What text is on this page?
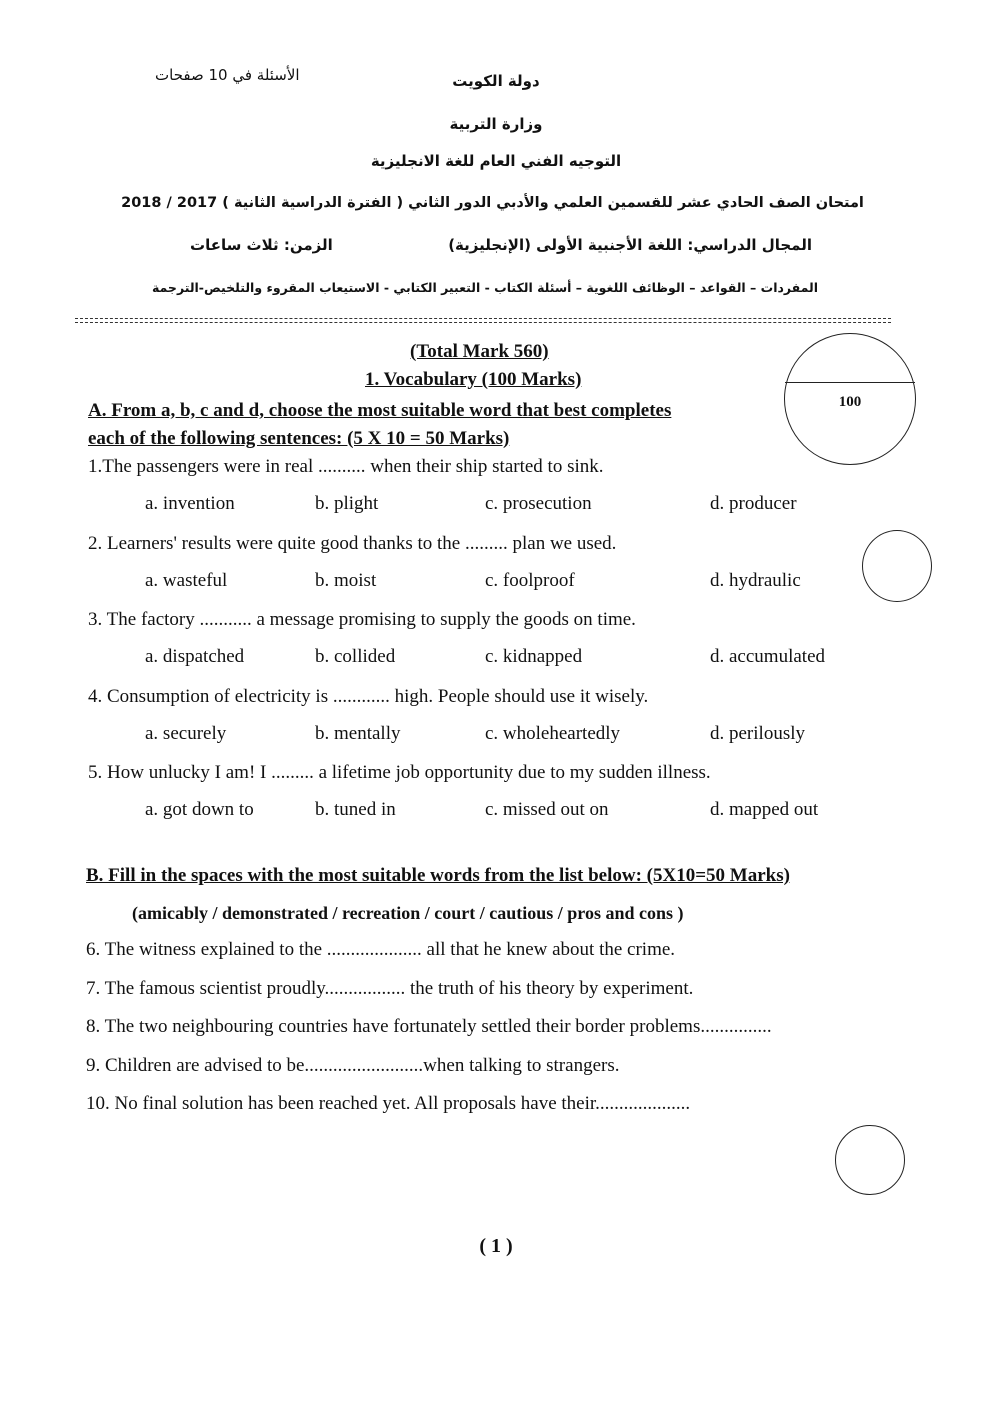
الأسئلة في 10 صفحات	دولة الكويت
وزارة التربية
التوجيه الفني العام للغة الانجليزية
امتحان الصف الحادي عشر للقسمين العلمي والأدبي الدور الثاني ( الفترة الدراسية الثانية ) 2017 / 2018
المجال الدراسي: اللغة الأجنبية الأولى (الإنجليزية)
الزمن: ثلاث ساعات
المفردات – القواعد – الوظائف اللغوية – أسئلة الكتاب - التعبير الكتابي - الاستيعاب المقروء والتلخيص-الترجمة
(Total Mark 560)
1. Vocabulary (100 Marks)
100
A. From a, b, c and d, choose the most suitable word that best completes
each of the following sentences: (5 X 10 = 50 Marks)
1.The passengers were in real .......... when their ship started to sink.
a. invention	b. plight	c. prosecution	d. producer
2. Learners' results were quite good thanks to the ......... plan we used.
a. wasteful	b. moist	c. foolproof	d. hydraulic
3. The factory ........... a message promising to supply the goods on time.
a. dispatched	b. collided	c. kidnapped	d. accumulated
4. Consumption of electricity is ............ high. People should use it wisely.
a. securely	b. mentally	c. wholeheartedly	d. perilously
5. How unlucky I am! I ......... a lifetime job opportunity due to my sudden illness.
a. got down to	b. tuned in	c. missed out on	d. mapped out
B. Fill in the spaces with the most suitable words from the list below: (5X10=50 Marks)
(amicably / demonstrated / recreation / court / cautious / pros and cons )
6. The witness explained to the .................... all that he knew about the crime.
7. The famous scientist proudly................. the truth of his theory by experiment.
8. The two neighbouring countries have fortunately settled their border problems...............
9. Children are advised to be.........................when talking to strangers.
10. No final solution has been reached yet. All proposals have their....................
( 1 )
